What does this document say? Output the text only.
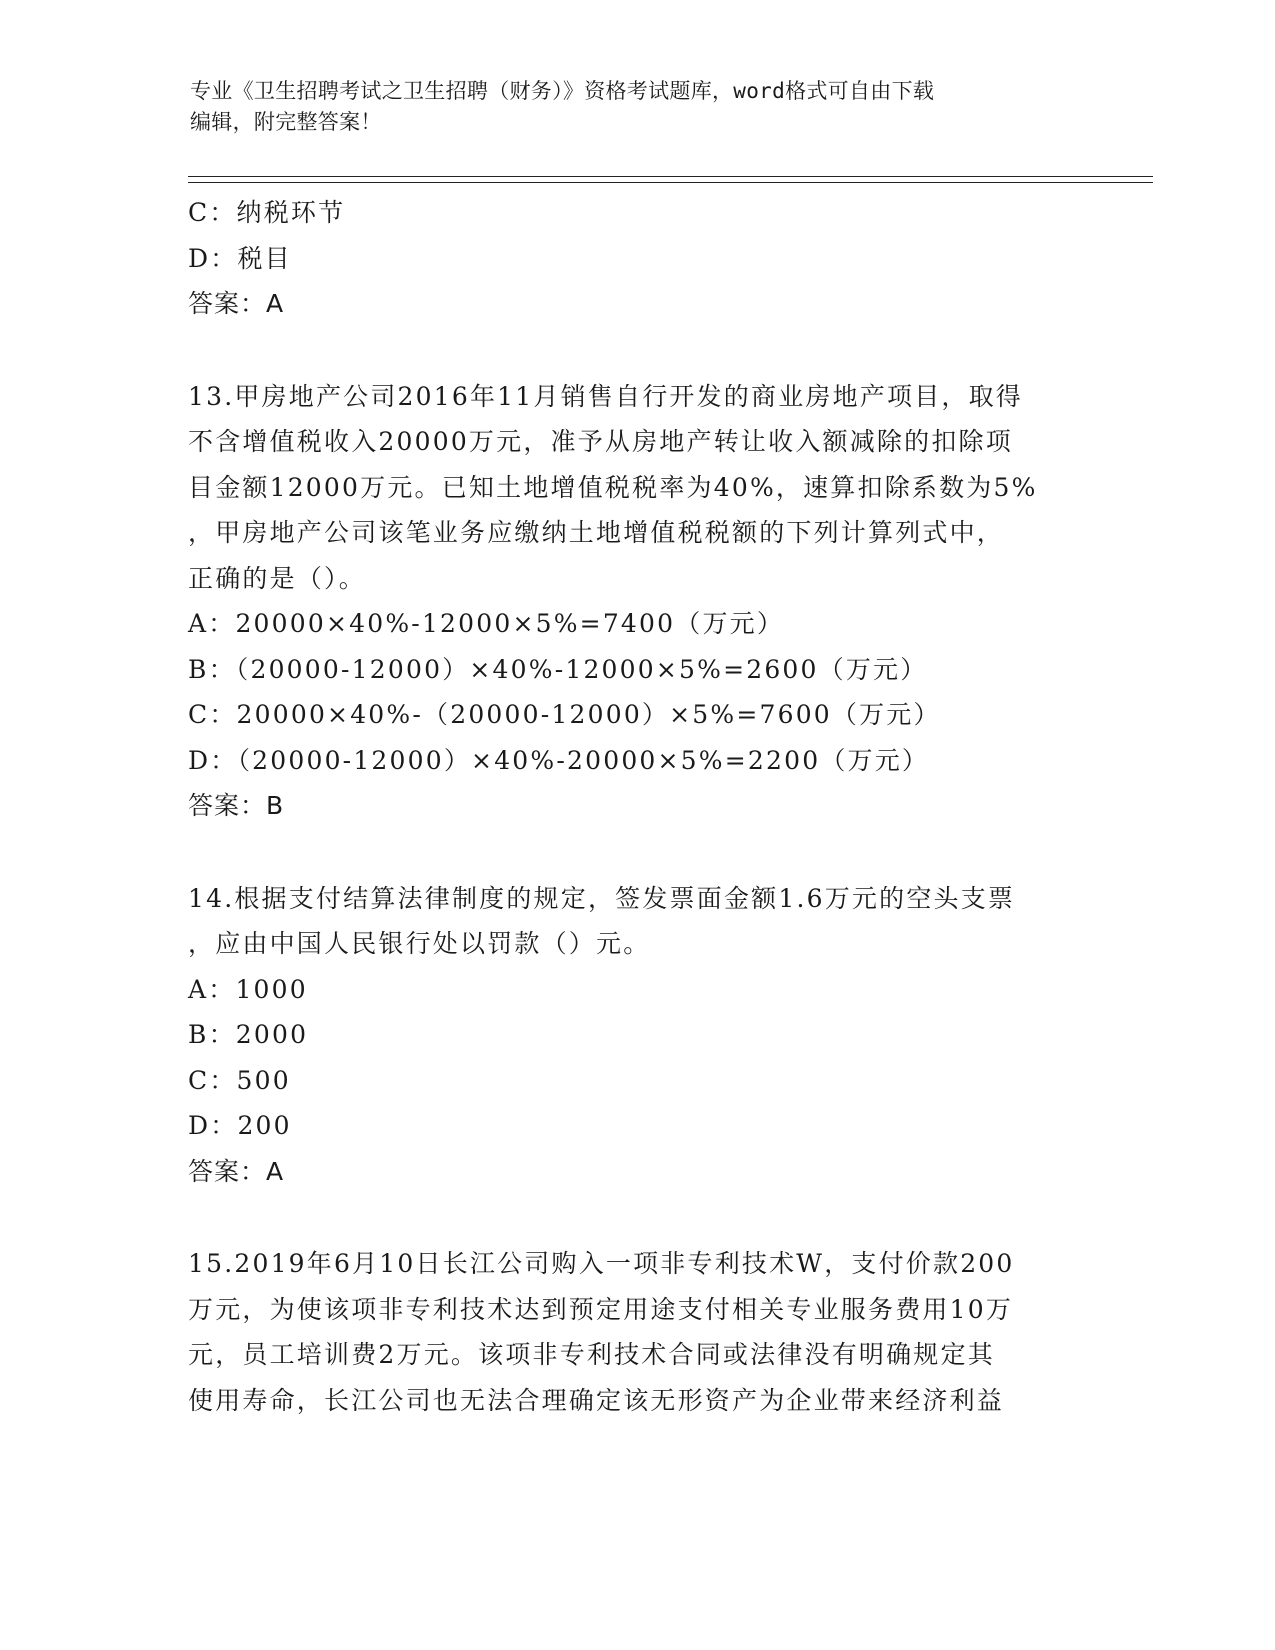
专业《卫生招聘考试之卫生招聘（财务）》资格考试题库，word格式可自由下载
编辑，附完整答案！
C：纳税环节
D：税目
答案：A
13.甲房地产公司2016年11月销售自行开发的商业房地产项目，取得
不含增值税收入20000万元，准予从房地产转让收入额减除的扣除项
目金额12000万元。已知土地增值税税率为40%，速算扣除系数为5%
，甲房地产公司该笔业务应缴纳土地增值税税额的下列计算列式中，
正确的是（）。
A：20000×40%-12000×5%=7400（万元）
B：（20000-12000）×40%-12000×5%=2600（万元）
C：20000×40%-（20000-12000）×5%=7600（万元）
D：（20000-12000）×40%-20000×5%=2200（万元）
答案：B
14.根据支付结算法律制度的规定，签发票面金额1.6万元的空头支票
，应由中国人民银行处以罚款（）元。
A：1000
B：2000
C：500
D：200
答案：A
15.2019年6月10日长江公司购入一项非专利技术W，支付价款200
万元，为使该项非专利技术达到预定用途支付相关专业服务费用10万
元，员工培训费2万元。该项非专利技术合同或法律没有明确规定其
使用寿命，长江公司也无法合理确定该无形资产为企业带来经济利益
